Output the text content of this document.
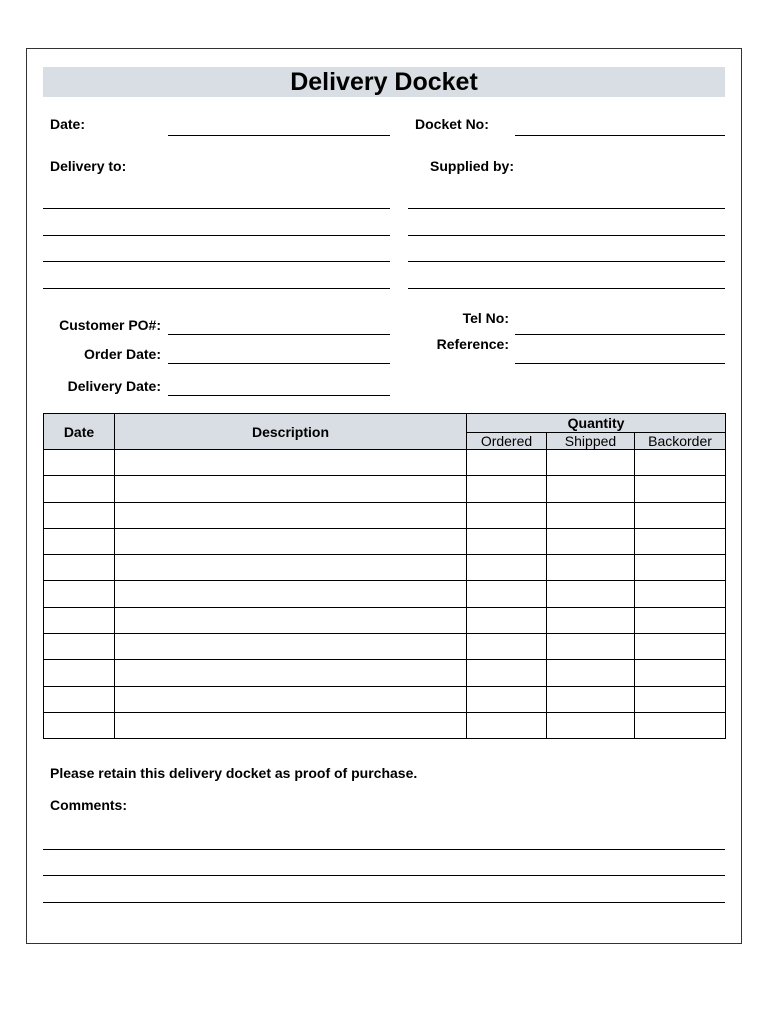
Delivery Docket
Date:	Docket No:
Delivery to:	Supplied by:
Customer PO#:
Order Date:
Delivery Date:
Tel No:
Reference:
Date	Description	Quantity		
		Ordered	Shipped	Backorder

Please retain this delivery docket as proof of purchase.
Comments:
